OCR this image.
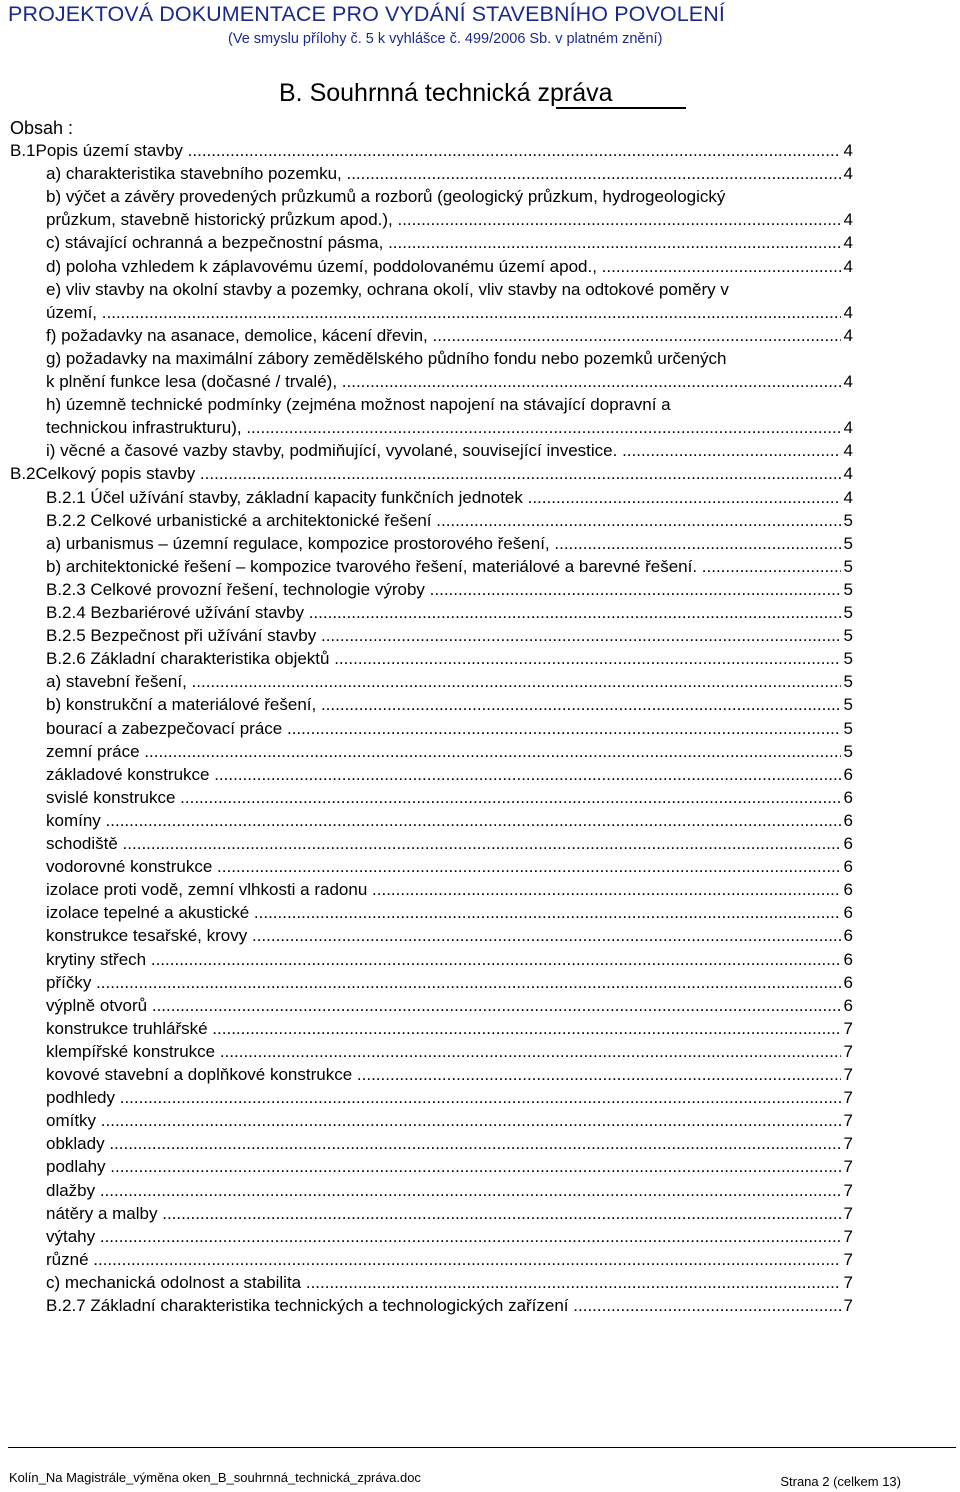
PROJEKTOVÁ DOKUMENTACE PRO VYDÁNÍ STAVEBNÍHO POVOLENÍ
(Ve smyslu přílohy č. 5 k vyhlášce č. 499/2006 Sb. v platném znění)
B. Souhrnná technická zpráva
Obsah :
B.1Popis území stavby .....	4
a) charakteristika stavebního pozemku, .....	4
b) výčet a závěry provedených průzkumů a rozborů (geologický průzkum, hydrogeologický
průzkum, stavebně historický průzkum apod.), .....	4
c) stávající ochranná a bezpečnostní pásma, .....	4
d) poloha vzhledem k záplavovému území, poddolovanému území apod., .....	4
e) vliv stavby na okolní stavby a pozemky, ochrana okolí, vliv stavby na odtokové poměry v
území, .....	4
f) požadavky na asanace, demolice, kácení dřevin, .....	4
g) požadavky na maximální zábory zemědělského půdního fondu nebo pozemků určených
k plnění funkce lesa (dočasné / trvalé), .....	4
h) územně technické podmínky (zejména možnost napojení na stávající dopravní a
technickou infrastrukturu), .....	4
i) věcné a časové vazby stavby, podmiňující, vyvolané, související investice. .....	4
B.2Celkový popis stavby .....	4
B.2.1 Účel užívání stavby, základní kapacity funkčních jednotek .....	4
B.2.2 Celkové urbanistické a architektonické řešení .....	5
a) urbanismus – územní regulace, kompozice prostorového řešení, .....	5
b) architektonické řešení – kompozice tvarového řešení, materiálové a barevné řešení. .....	5
B.2.3 Celkové provozní řešení, technologie výroby .....	5
B.2.4 Bezbariérové užívání stavby .....	5
B.2.5 Bezpečnost při užívání stavby .....	5
B.2.6 Základní charakteristika objektů .....	5
a) stavební řešení, .....	5
b) konstrukční a materiálové řešení, .....	5
bourací a zabezpečovací práce .....	5
zemní práce .....	5
základové konstrukce .....	6
svislé konstrukce .....	6
komíny .....	6
schodiště .....	6
vodorovné konstrukce .....	6
izolace proti vodě, zemní vlhkosti a radonu .....	6
izolace tepelné a akustické .....	6
konstrukce tesařské, krovy .....	6
krytiny střech .....	6
příčky .....	6
výplně otvorů .....	6
konstrukce truhlářské .....	7
klempířské konstrukce .....	7
kovové stavební a doplňkové konstrukce .....	7
podhledy .....	7
omítky .....	7
obklady .....	7
podlahy .....	7
dlažby .....	7
nátěry a malby .....	7
výtahy .....	7
různé .....	7
c) mechanická odolnost a stabilita .....	7
B.2.7 Základní charakteristika technických a technologických zařízení .....	7
Kolín_Na Magistrále_výměna oken_B_souhrnná_technická_zpráva.doc	Strana 2 (celkem 13)
